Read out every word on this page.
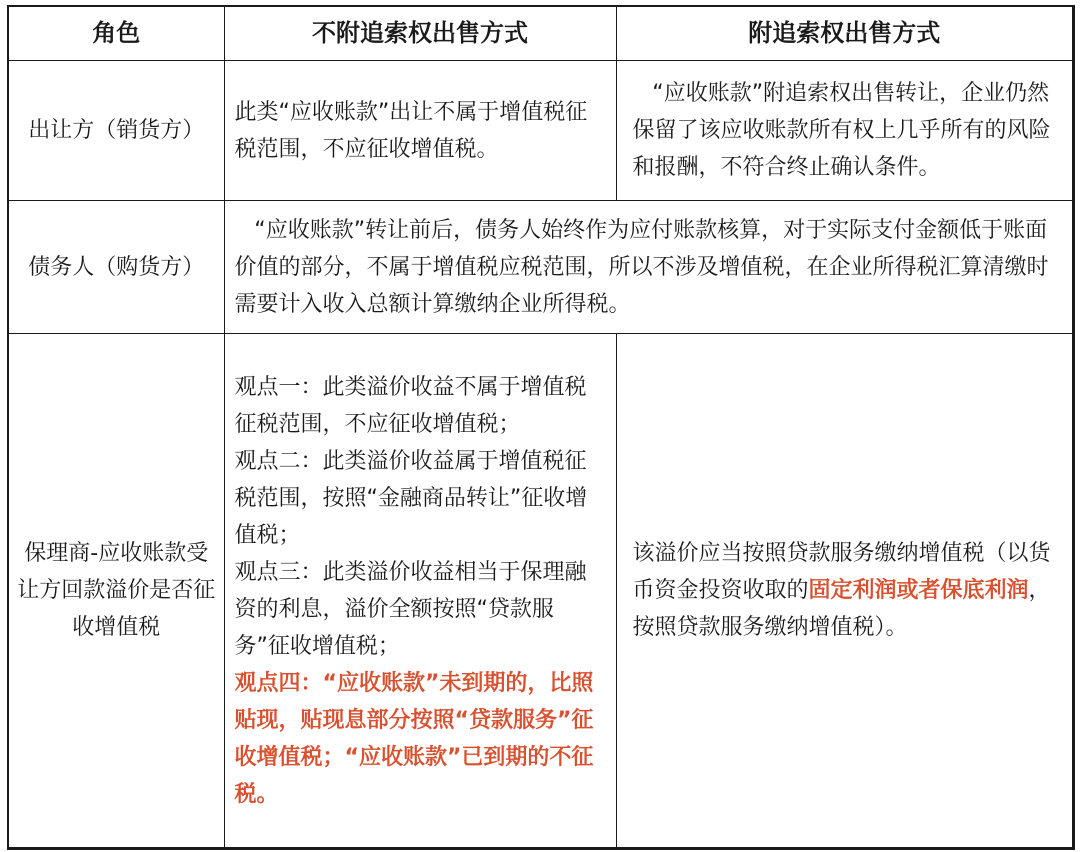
角色	不附追索权出售方式	附追索权出售方式

出让方（销货方）	此类“应收账款”出让不属于增值税征税范围，不应征收增值税。	“应收账款”附追索权出售转让，企业仍然保留了该应收账款所有权上几乎所有的风险和报酬，不符合终止确认条件。

债务人（购货方）	“应收账款”转让前后，债务人始终作为应付账款核算，对于实际支付金额低于账面价值的部分，不属于增值税应税范围，所以不涉及增值税，在企业所得税汇算清缴时需要计入收入总额计算缴纳企业所得税。	

保理商-应收账款受让方回款溢价是否征收增值税	观点一：此类溢价收益不属于增值税征税范围，不应征收增值税；
观点二：此类溢价收益属于增值税征税范围，按照“金融商品转让”征收增值税；
观点三：此类溢价收益相当于保理融资的利息，溢价全额按照“贷款服务”征收增值税；
观点四：“应收账款”未到期的，比照贴现，贴现息部分按照“贷款服务”征收增值税；“应收账款”已到期的不征税。	该溢价应当按照贷款服务缴纳增值税（以货币资金投资收取的固定利润或者保底利润，按照贷款服务缴纳增值税）。
